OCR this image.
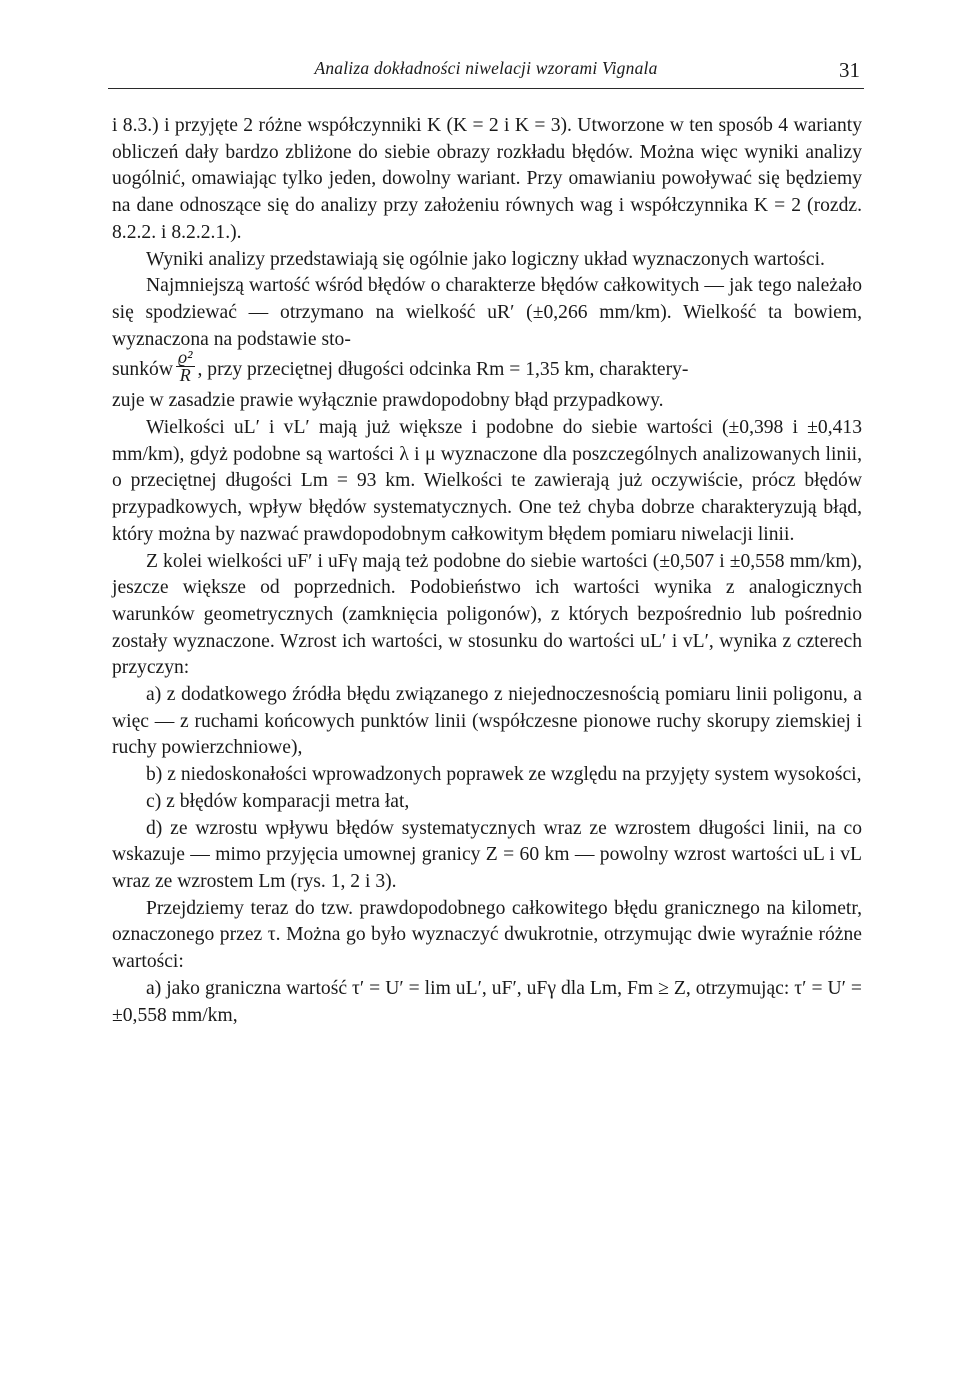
Analiza dokładności niwelacji wzorami Vignala	31

i 8.3.) i przyjęte 2 różne współczynniki K (K = 2 i K = 3). Utworzone w ten sposób 4 warianty obliczeń dały bardzo zbliżone do siebie obrazy rozkładu błędów. Można więc wyniki analizy uogólnić, omawiając tylko jeden, dowolny wariant. Przy omawianiu powoływać się będziemy na dane odnoszące się do analizy przy założeniu równych wag i współczynnika K = 2 (rozdz. 8.2.2. i 8.2.2.1.).

Wyniki analizy przedstawiają się ogólnie jako logiczny układ wyznaczonych wartości.

Najmniejszą wartość wśród błędów o charakterze błędów całkowitych — jak tego należało się spodziewać — otrzymano na wielkość uR′ (±0,266 mm/km). Wielkość ta bowiem, wyznaczona na podstawie sto-

sunków $\frac{\text{ϱ²}}{R}$ , przy przeciętnej długości odcinka Rm = 1,35 km, charaktery-

zuje w zasadzie prawie wyłącznie prawdopodobny błąd przypadkowy.

Wielkości uL′ i vL′ mają już większe i podobne do siebie wartości (±0,398 i ±0,413 mm/km), gdyż podobne są wartości λ i μ wyznaczone dla poszczególnych analizowanych linii, o przeciętnej długości Lm = 93 km. Wielkości te zawierają już oczywiście, prócz błędów przypadkowych, wpływ błędów systematycznych. One też chyba dobrze charakteryzują błąd, który można by nazwać prawdopodobnym całkowitym błędem pomiaru niwelacji linii.

Z kolei wielkości uF′ i uFγ mają też podobne do siebie wartości (±0,507 i ±0,558 mm/km), jeszcze większe od poprzednich. Podobieństwo ich wartości wynika z analogicznych warunków geometrycznych (zamknięcia poligonów), z których bezpośrednio lub pośrednio zostały wyznaczone. Wzrost ich wartości, w stosunku do wartości uL′ i vL′, wynika z czterech przyczyn:

a) z dodatkowego źródła błędu związanego z niejednoczesnością pomiaru linii poligonu, a więc — z ruchami końcowych punktów linii (współczesne pionowe ruchy skorupy ziemskiej i ruchy powierzchniowe),

b) z niedoskonałości wprowadzonych poprawek ze względu na przyjęty system wysokości,

c) z błędów komparacji metra łat,

d) ze wzrostu wpływu błędów systematycznych wraz ze wzrostem długości linii, na co wskazuje — mimo przyjęcia umownej granicy Z = 60 km — powolny wzrost wartości uL i vL wraz ze wzrostem Lm (rys. 1, 2 i 3).

Przejdziemy teraz do tzw. prawdopodobnego całkowitego błędu granicznego na kilometr, oznaczonego przez τ. Można go było wyznaczyć dwukrotnie, otrzymując dwie wyraźnie różne wartości:

a) jako graniczna wartość τ′ = U′ = lim uL′, uF′, uFγ dla Lm, Fm ≥ Z, otrzymując: τ′ = U′ = ±0,558 mm/km,
